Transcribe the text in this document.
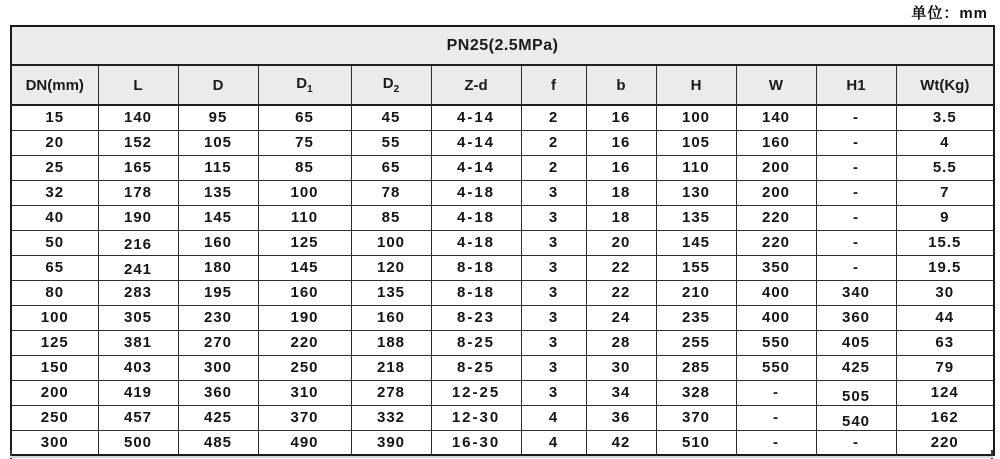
单位：mm
PN25(2.5MPa)											
DN(mm)	L	D	$D_1$	$D_2$	Z-d	f	b	H	W	H1	Wt(Kg)
15	140	95	65	45	4-14	2	16	100	140	-	3.5
20	152	105	75	55	4-14	2	16	105	160	-	4
25	165	115	85	65	4-14	2	16	110	200	-	5.5
32	178	135	100	78	4-18	3	18	130	200	-	7
40	190	145	110	85	4-18	3	18	135	220	-	9
50	216	160	125	100	4-18	3	20	145	220	-	15.5
65	241	180	145	120	8-18	3	22	155	350	-	19.5
80	283	195	160	135	8-18	3	22	210	400	340	30
100	305	230	190	160	8-23	3	24	235	400	360	44
125	381	270	220	188	8-25	3	28	255	550	405	63
150	403	300	250	218	8-25	3	30	285	550	425	79
200	419	360	310	278	12-25	3	34	328	-	505	124
250	457	425	370	332	12-30	4	36	370	-	540	162
300	500	485	490	390	16-30	4	42	510	-	-	220
